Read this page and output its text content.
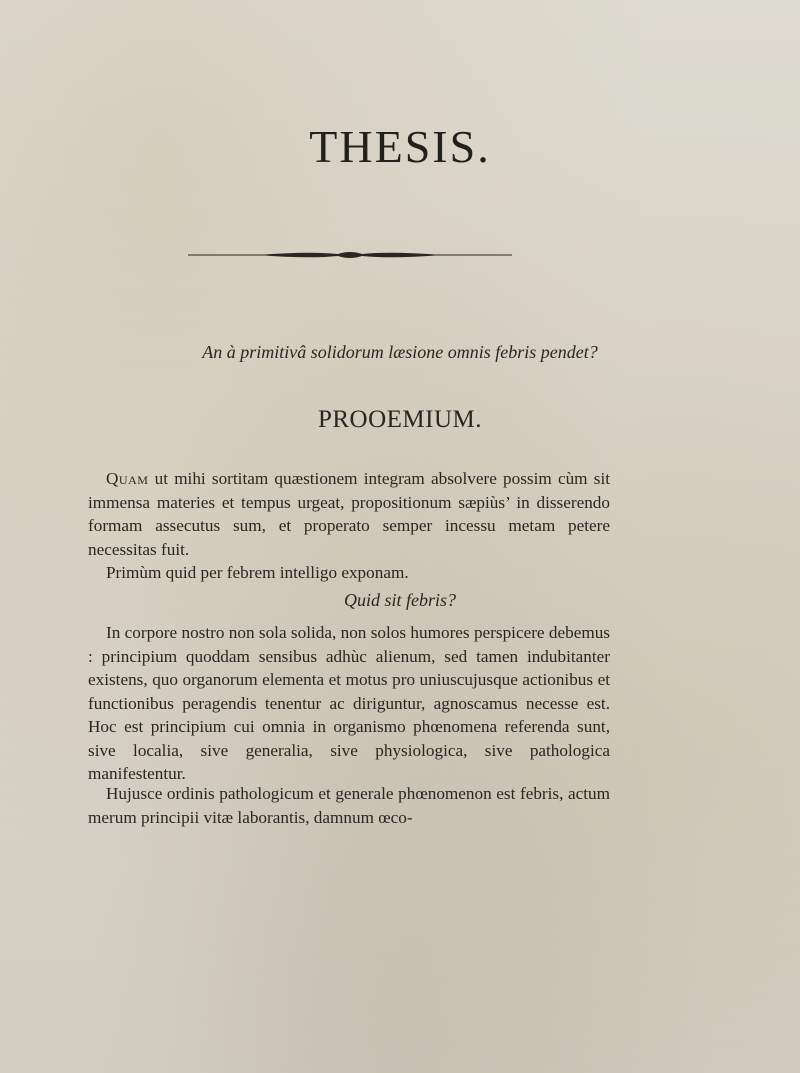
THESIS.
An à primitivâ solidorum læsione omnis febris pendet?
PROOEMIUM.
Quam ut mihi sortitam quæstionem integram absolvere possim cùm sit immensa materies et tempus urgeat, propositionum sæpiùs’ in disserendo formam assecutus sum, et properato semper incessu metam petere necessitas fuit.
Primùm quid per febrem intelligo exponam.
Quid sit febris?
In corpore nostro non sola solida, non solos humores perspicere debemus : principium quoddam sensibus adhùc alienum, sed tamen indubitanter existens, quo organorum elementa et motus pro uniuscujusque actionibus et functionibus peragendis tenentur ac diriguntur, agnoscamus necesse est. Hoc est principium cui omnia in organismo phœnomena referenda sunt, sive localia, sive generalia, sive physiologica, sive pathologica manifestentur.
Hujusce ordinis pathologicum et generale phœnomenon est febris, actum merum principii vitæ laborantis, damnum œco-
